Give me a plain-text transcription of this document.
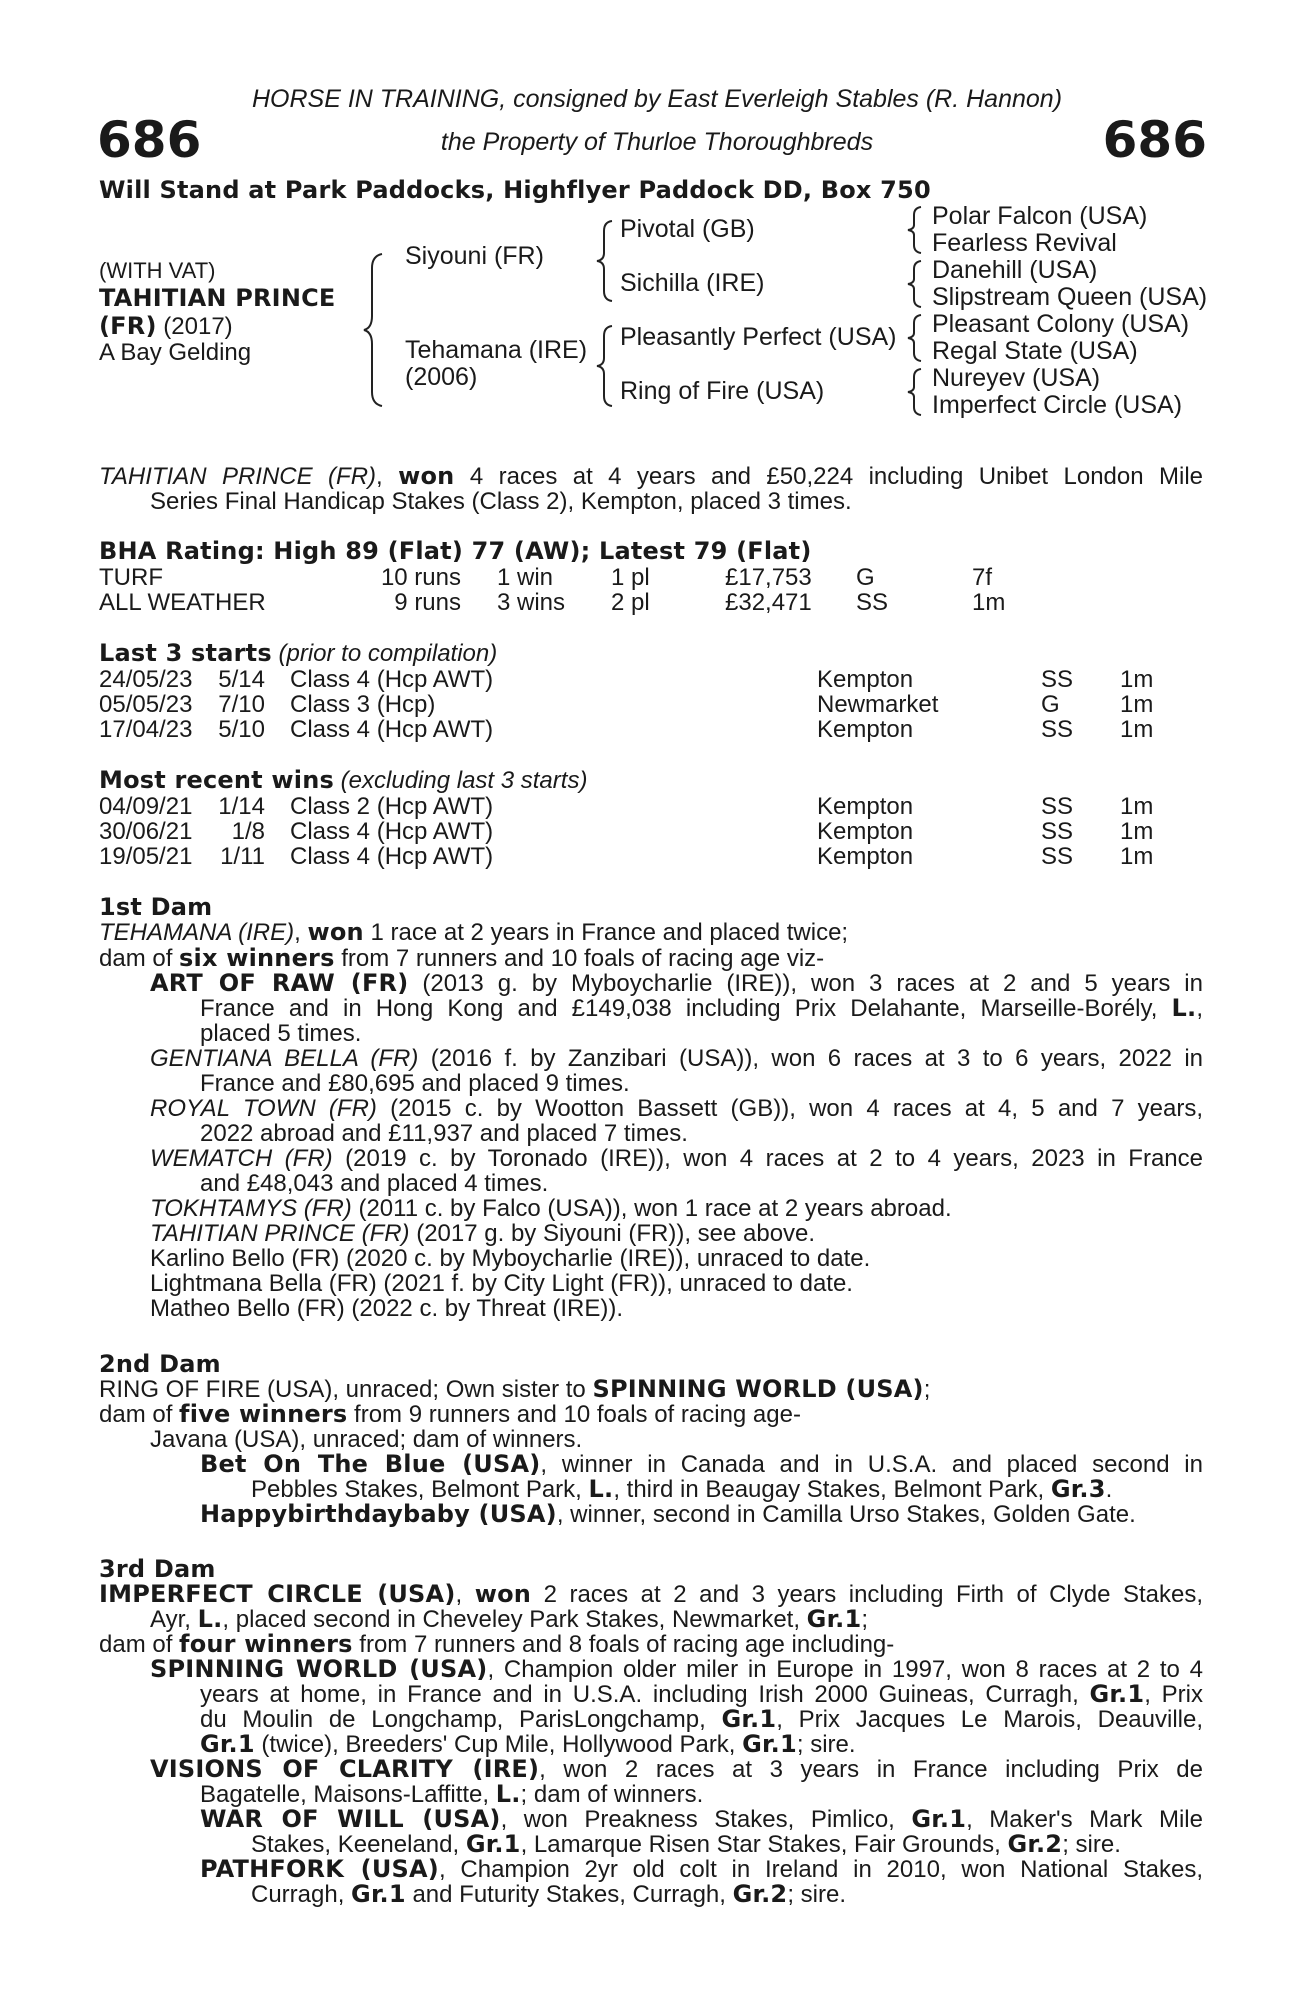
686	686
HORSE IN TRAINING, consigned by East Everleigh Stables (R. Hannon)
the Property of Thurloe Thoroughbreds
Will Stand at Park Paddocks, Highflyer Paddock DD, Box 750
(WITH VAT)
TAHITIAN PRINCE
(FR) (2017)
A Bay Gelding
Siyouni (FR)
Tehamana (IRE)
(2006)
Pivotal (GB)
Sichilla (IRE)
Pleasantly Perfect (USA)
Ring of Fire (USA)
Polar Falcon (USA)
Fearless Revival
Danehill (USA)
Slipstream Queen (USA)
Pleasant Colony (USA)
Regal State (USA)
Nureyev (USA)
Imperfect Circle (USA)
TAHITIAN PRINCE (FR), won 4 races at 4 years and £50,224 including Unibet London Mile
Series Final Handicap Stakes (Class 2), Kempton, placed 3 times.
BHA Rating: High 89 (Flat) 77 (AW); Latest 79 (Flat)
TURF	10 runs 1 win 1 pl	£17,753 G	7f
ALL WEATHER	9 runs 3 wins 2 pl	£32,471 SS	1m
Last 3 starts (prior to compilation)
24/05/23	5/14 Class 4 (Hcp AWT)	Kempton	SS 1m
05/05/23	7/10 Class 3 (Hcp)	Newmarket	G	1m
17/04/23	5/10 Class 4 (Hcp AWT)	Kempton	SS 1m
Most recent wins (excluding last 3 starts)
04/09/21	1/14 Class 2 (Hcp AWT)	Kempton	SS 1m
30/06/21	1/8 Class 4 (Hcp AWT)	Kempton	SS 1m
19/05/21	1/11 Class 4 (Hcp AWT)	Kempton	SS 1m
1st Dam
TEHAMANA (IRE), won 1 race at 2 years in France and placed twice;
dam of six winners from 7 runners and 10 foals of racing age viz-
ART OF RAW (FR) (2013 g. by Myboycharlie (IRE)), won 3 races at 2 and 5 years in
France and in Hong Kong and £149,038 including Prix Delahante, Marseille-Borély, L.,
placed 5 times.
GENTIANA BELLA (FR) (2016 f. by Zanzibari (USA)), won 6 races at 3 to 6 years, 2022 in
France and £80,695 and placed 9 times.
ROYAL TOWN (FR) (2015 c. by Wootton Bassett (GB)), won 4 races at 4, 5 and 7 years,
2022 abroad and £11,937 and placed 7 times.
WEMATCH (FR) (2019 c. by Toronado (IRE)), won 4 races at 2 to 4 years, 2023 in France
and £48,043 and placed 4 times.
TOKHTAMYS (FR) (2011 c. by Falco (USA)), won 1 race at 2 years abroad.
TAHITIAN PRINCE (FR) (2017 g. by Siyouni (FR)), see above.
Karlino Bello (FR) (2020 c. by Myboycharlie (IRE)), unraced to date.
Lightmana Bella (FR) (2021 f. by City Light (FR)), unraced to date.
Matheo Bello (FR) (2022 c. by Threat (IRE)).
2nd Dam
RING OF FIRE (USA), unraced; Own sister to SPINNING WORLD (USA);
dam of five winners from 9 runners and 10 foals of racing age-
Javana (USA), unraced; dam of winners.
Bet On The Blue (USA), winner in Canada and in U.S.A. and placed second in
Pebbles Stakes, Belmont Park, L., third in Beaugay Stakes, Belmont Park, Gr.3.
Happybirthdaybaby (USA), winner, second in Camilla Urso Stakes, Golden Gate.
3rd Dam
IMPERFECT CIRCLE (USA), won 2 races at 2 and 3 years including Firth of Clyde Stakes,
Ayr, L., placed second in Cheveley Park Stakes, Newmarket, Gr.1;
dam of four winners from 7 runners and 8 foals of racing age including-
SPINNING WORLD (USA), Champion older miler in Europe in 1997, won 8 races at 2 to 4
years at home, in France and in U.S.A. including Irish 2000 Guineas, Curragh, Gr.1, Prix
du Moulin de Longchamp, ParisLongchamp, Gr.1, Prix Jacques Le Marois, Deauville,
Gr.1 (twice), Breeders' Cup Mile, Hollywood Park, Gr.1; sire.
VISIONS OF CLARITY (IRE), won 2 races at 3 years in France including Prix de
Bagatelle, Maisons-Laffitte, L.; dam of winners.
WAR OF WILL (USA), won Preakness Stakes, Pimlico, Gr.1, Maker's Mark Mile
Stakes, Keeneland, Gr.1, Lamarque Risen Star Stakes, Fair Grounds, Gr.2; sire.
PATHFORK (USA), Champion 2yr old colt in Ireland in 2010, won National Stakes,
Curragh, Gr.1 and Futurity Stakes, Curragh, Gr.2; sire.
